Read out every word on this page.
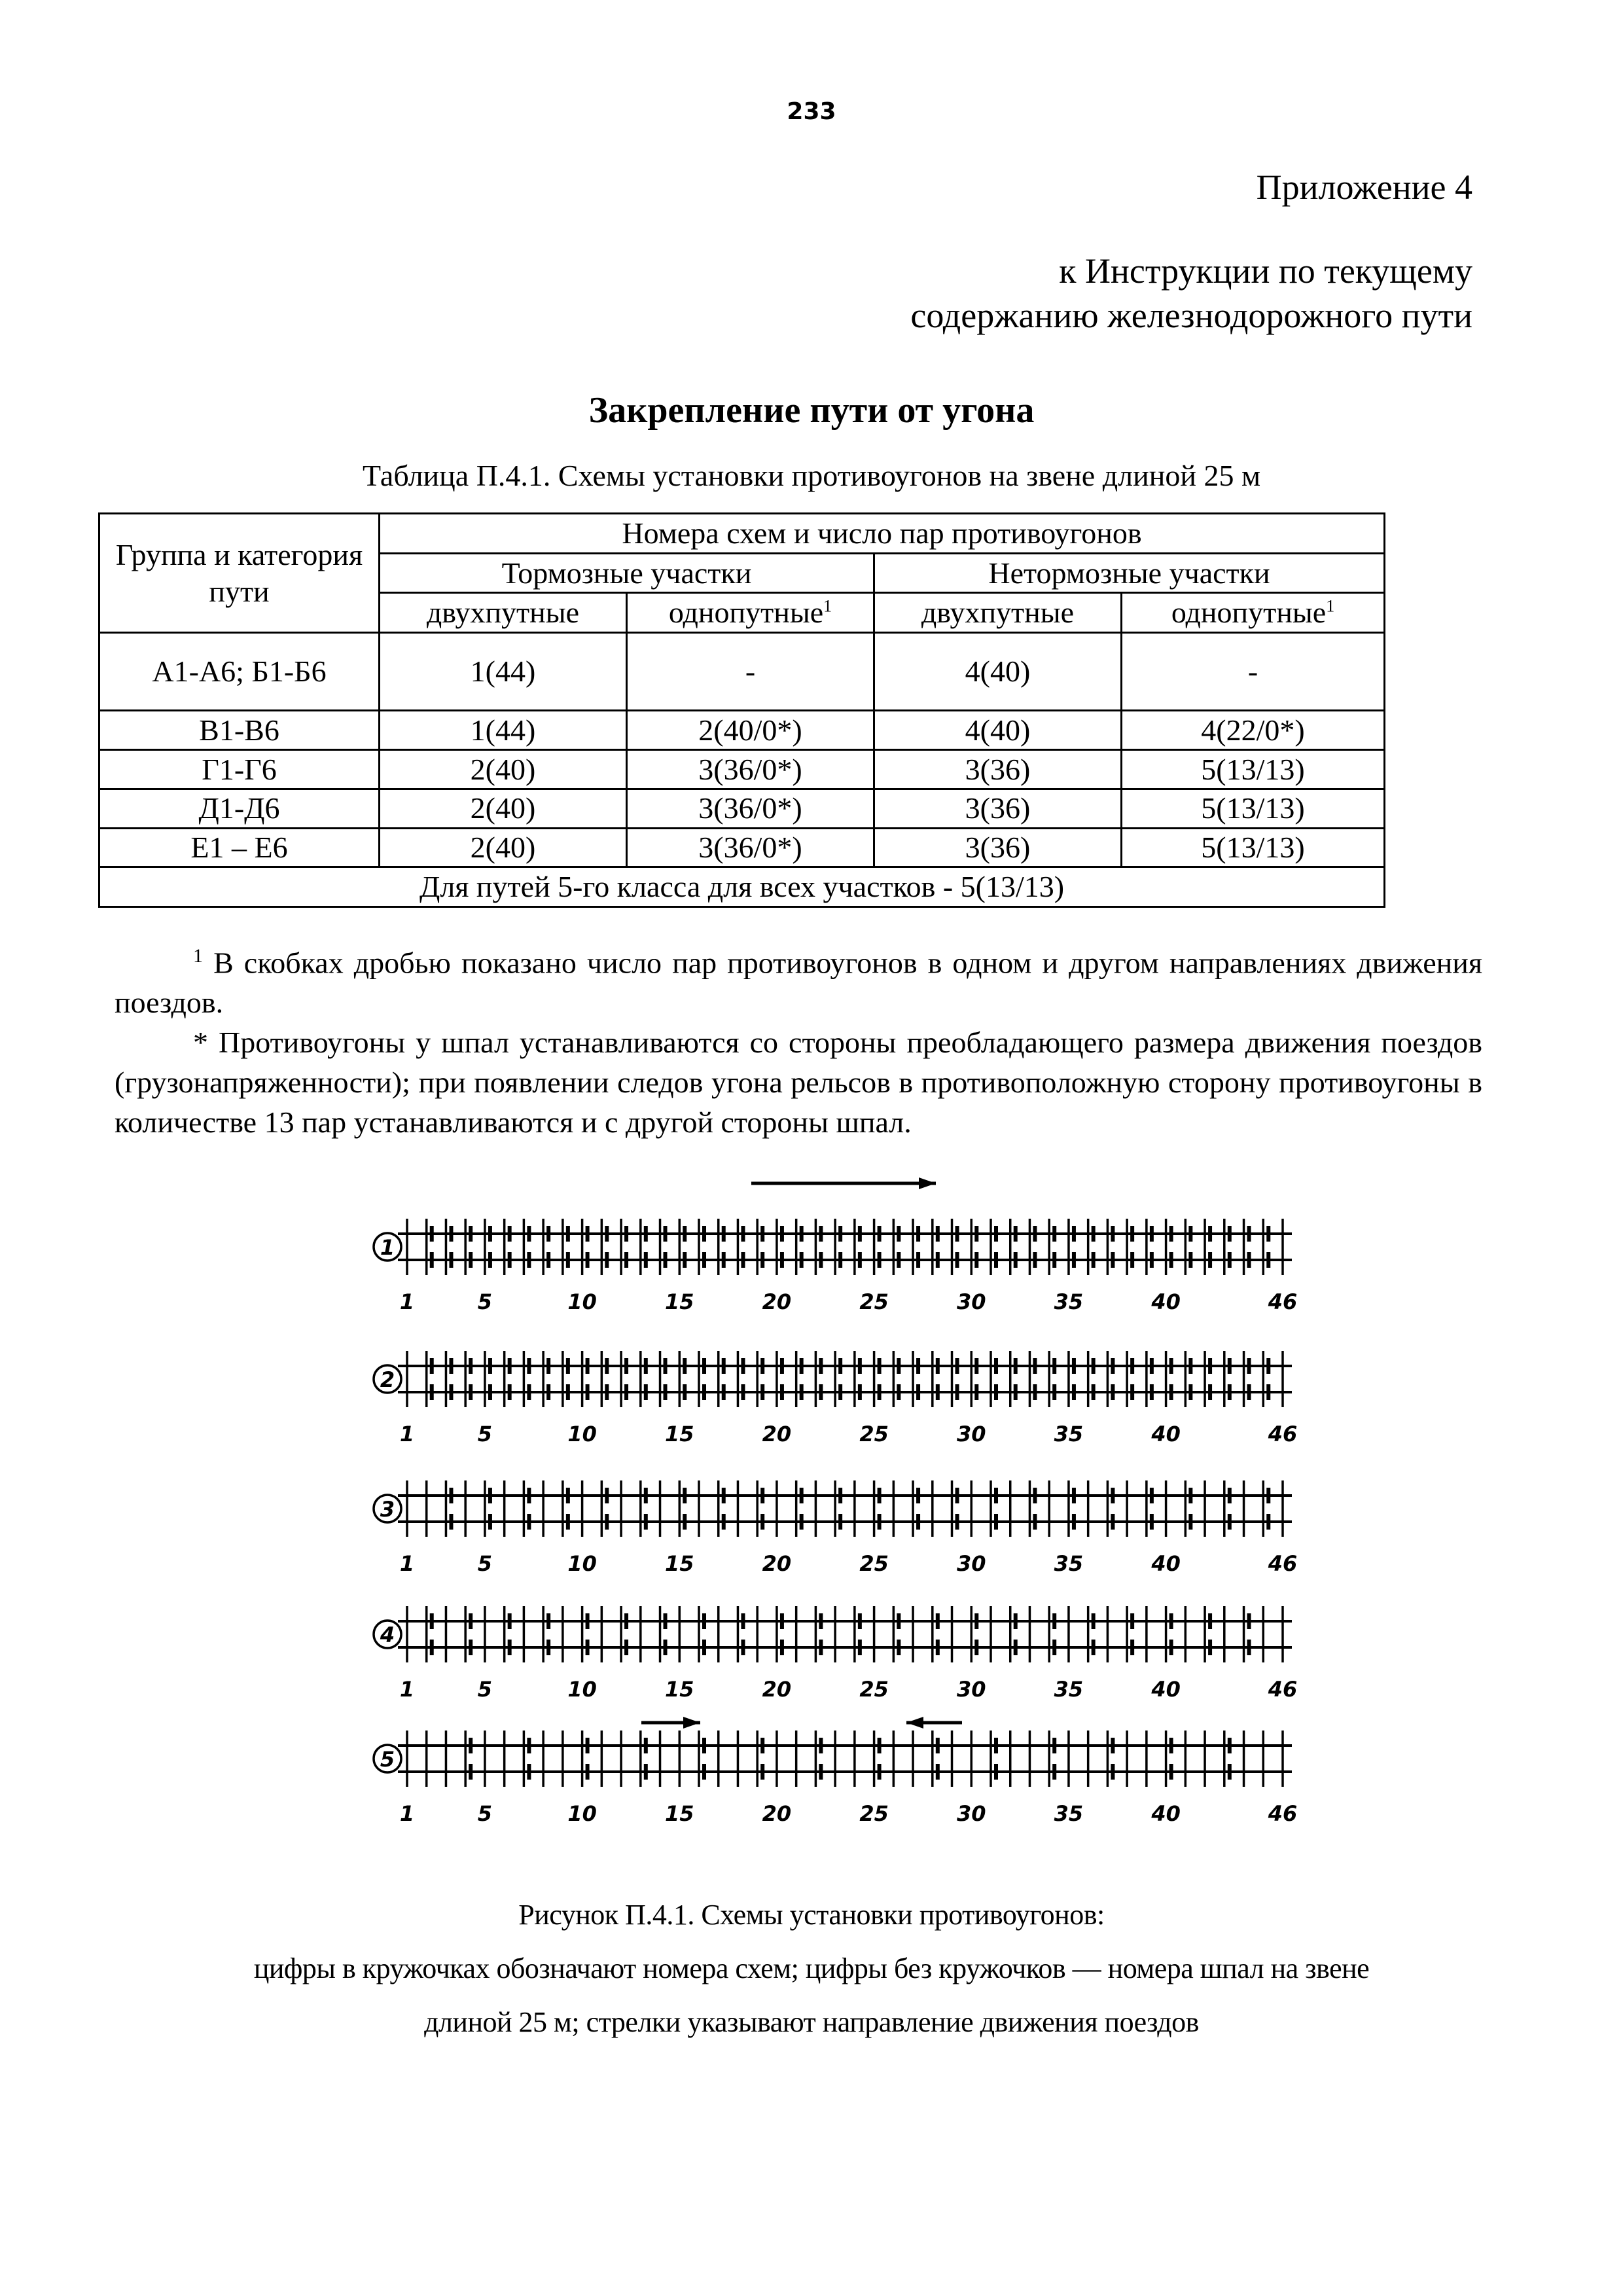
233
Приложение 4
к Инструкции по текущему
содержанию железнодорожного пути
Закрепление пути от угона
Таблица П.4.1. Схемы установки противоугонов на звене длиной 25 м
Группа и категория пути	Номера схем и число пар противоугонов			
	Тормозные участки		Нетормозные участки	
	двухпутные	однопутные$^1$	двухпутные	однопутные$^1$
А1-А6; Б1-Б6	1(44)	-	4(40)	-
В1-В6	1(44)	2(40/0*)	4(40)	4(22/0*)
Г1-Г6	2(40)	3(36/0*)	3(36)	5(13/13)
Д1-Д6	2(40)	3(36/0*)	3(36)	5(13/13)
Е1 – Е6	2(40)	3(36/0*)	3(36)	5(13/13)
Для путей 5-го класса для всех участков - 5(13/13)				

$^1$ В скобках дробью показано число пар противоугонов в одном и другом направлениях движения поездов.

* Противоугоны у шпал устанавливаются со стороны преобладающего размера движения поездов (грузонапряженности); при появлении следов угона рельсов в противоположную сторону противоугоны в количестве 13 пар устанавливаются и с другой стороны шпал.

1
1	5	10	15	20	25	30	35	40	46
2
1	5	10	15	20	25	30	35	40	46
3
1	5	10	15	20	25	30	35	40	46
4
1	5	10	15	20	25	30	35	40	46
5
1	5	10	15	20	25	30	35	40	46
Рисунок П.4.1. Схемы установки противоугонов:
цифры в кружочках обозначают номера схем; цифры без кружочков — номера шпал на звене
длиной 25 м; стрелки указывают направление движения поездов
